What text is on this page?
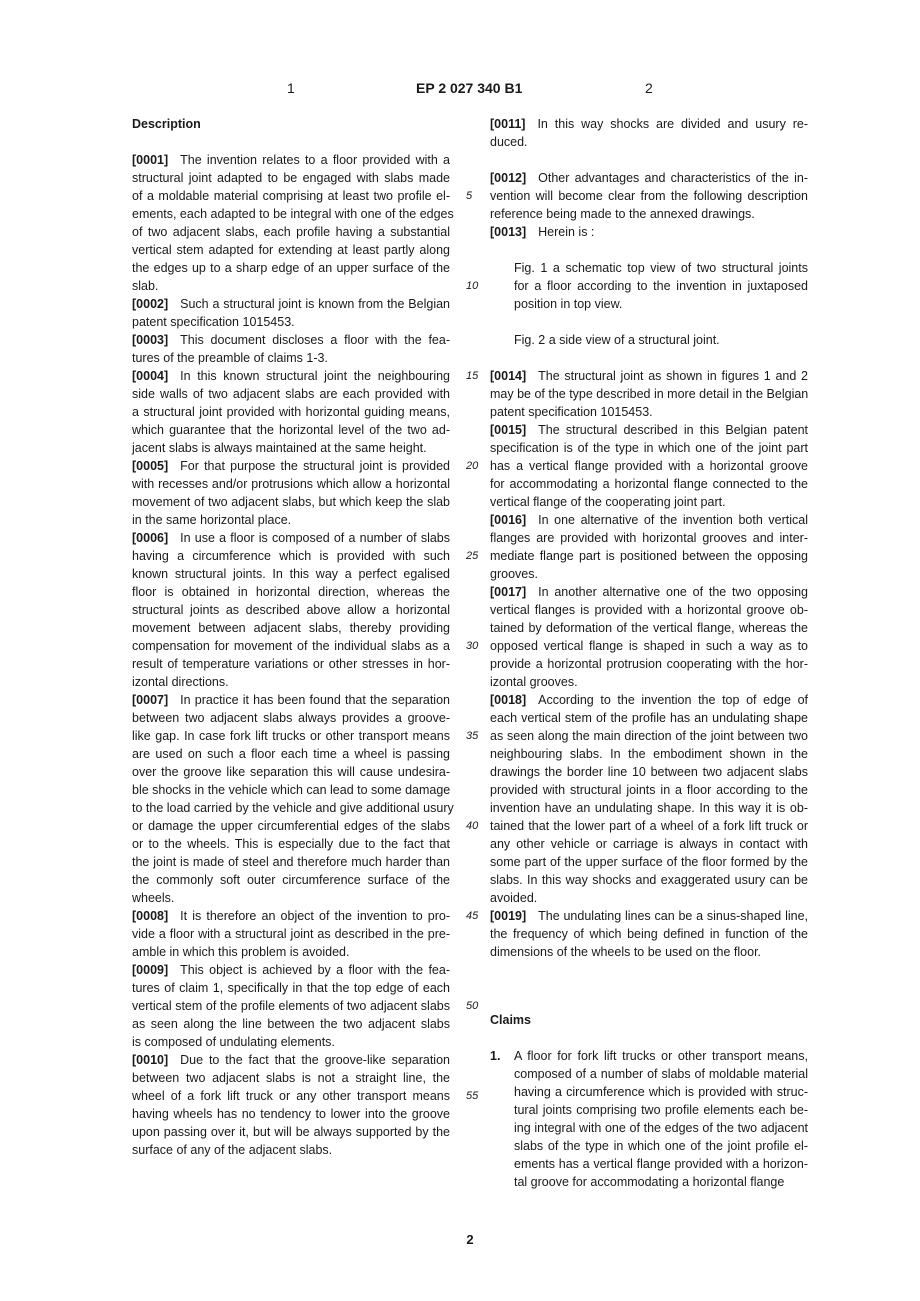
1	EP 2 027 340 B1	2
5
10
15
20
25
30
35
40
45
50
55
Description
[0001] The invention relates to a floor provided with a
structural joint adapted to be engaged with slabs made
of a moldable material comprising at least two profile el-
ements, each adapted to be integral with one of the edges
of two adjacent slabs, each profile having a substantial
vertical stem adapted for extending at least partly along
the edges up to a sharp edge of an upper surface of the
slab.
[0002] Such a structural joint is known from the Belgian
patent specification 1015453.
[0003] This document discloses a floor with the fea-
tures of the preamble of claims 1-3.
[0004] In this known structural joint the neighbouring
side walls of two adjacent slabs are each provided with
a structural joint provided with horizontal guiding means,
which guarantee that the horizontal level of the two ad-
jacent slabs is always maintained at the same height.
[0005] For that purpose the structural joint is provided
with recesses and/or protrusions which allow a horizontal
movement of two adjacent slabs, but which keep the slab
in the same horizontal place.
[0006] In use a floor is composed of a number of slabs
having a circumference which is provided with such
known structural joints. In this way a perfect egalised
floor is obtained in horizontal direction, whereas the
structural joints as described above allow a horizontal
movement between adjacent slabs, thereby providing
compensation for movement of the individual slabs as a
result of temperature variations or other stresses in hor-
izontal directions.
[0007] In practice it has been found that the separation
between two adjacent slabs always provides a groove-
like gap. In case fork lift trucks or other transport means
are used on such a floor each time a wheel is passing
over the groove like separation this will cause undesira-
ble shocks in the vehicle which can lead to some damage
to the load carried by the vehicle and give additional usury
or damage the upper circumferential edges of the slabs
or to the wheels. This is especially due to the fact that
the joint is made of steel and therefore much harder than
the commonly soft outer circumference surface of the
wheels.
[0008] It is therefore an object of the invention to pro-
vide a floor with a structural joint as described in the pre-
amble in which this problem is avoided.
[0009] This object is achieved by a floor with the fea-
tures of claim 1, specifically in that the top edge of each
vertical stem of the profile elements of two adjacent slabs
as seen along the line between the two adjacent slabs
is composed of undulating elements.
[0010] Due to the fact that the groove-like separation
between two adjacent slabs is not a straight line, the
wheel of a fork lift truck or any other transport means
having wheels has no tendency to lower into the groove
upon passing over it, but will be always supported by the
surface of any of the adjacent slabs.
[0011] In this way shocks are divided and usury re-
duced.
[0012] Other advantages and characteristics of the in-
vention will become clear from the following description
reference being made to the annexed drawings.
[0013] Herein is :
Fig. 1 a schematic top view of two structural joints
for a floor according to the invention in juxtaposed
position in top view.
Fig. 2 a side view of a structural joint.
[0014] The structural joint as shown in figures 1 and 2
may be of the type described in more detail in the Belgian
patent specification 1015453.
[0015] The structural described in this Belgian patent
specification is of the type in which one of the joint part
has a vertical flange provided with a horizontal groove
for accommodating a horizontal flange connected to the
vertical flange of the cooperating joint part.
[0016] In one alternative of the invention both vertical
flanges are provided with horizontal grooves and inter-
mediate flange part is positioned between the opposing
grooves.
[0017] In another alternative one of the two opposing
vertical flanges is provided with a horizontal groove ob-
tained by deformation of the vertical flange, whereas the
opposed vertical flange is shaped in such a way as to
provide a horizontal protrusion cooperating with the hor-
izontal grooves.
[0018] According to the invention the top of edge of
each vertical stem of the profile has an undulating shape
as seen along the main direction of the joint between two
neighbouring slabs. In the embodiment shown in the
drawings the border line 10 between two adjacent slabs
provided with structural joints in a floor according to the
invention have an undulating shape. In this way it is ob-
tained that the lower part of a wheel of a fork lift truck or
any other vehicle or carriage is always in contact with
some part of the upper surface of the floor formed by the
slabs. In this way shocks and exaggerated usury can be
avoided.
[0019] The undulating lines can be a sinus-shaped line,
the frequency of which being defined in function of the
dimensions of the wheels to be used on the floor.
Claims
1. A floor for fork lift trucks or other transport means,
composed of a number of slabs of moldable material
having a circumference which is provided with struc-
tural joints comprising two profile elements each be-
ing integral with one of the edges of the two adjacent
slabs of the type in which one of the joint profile el-
ements has a vertical flange provided with a horizon-
tal groove for accommodating a horizontal flange
2
